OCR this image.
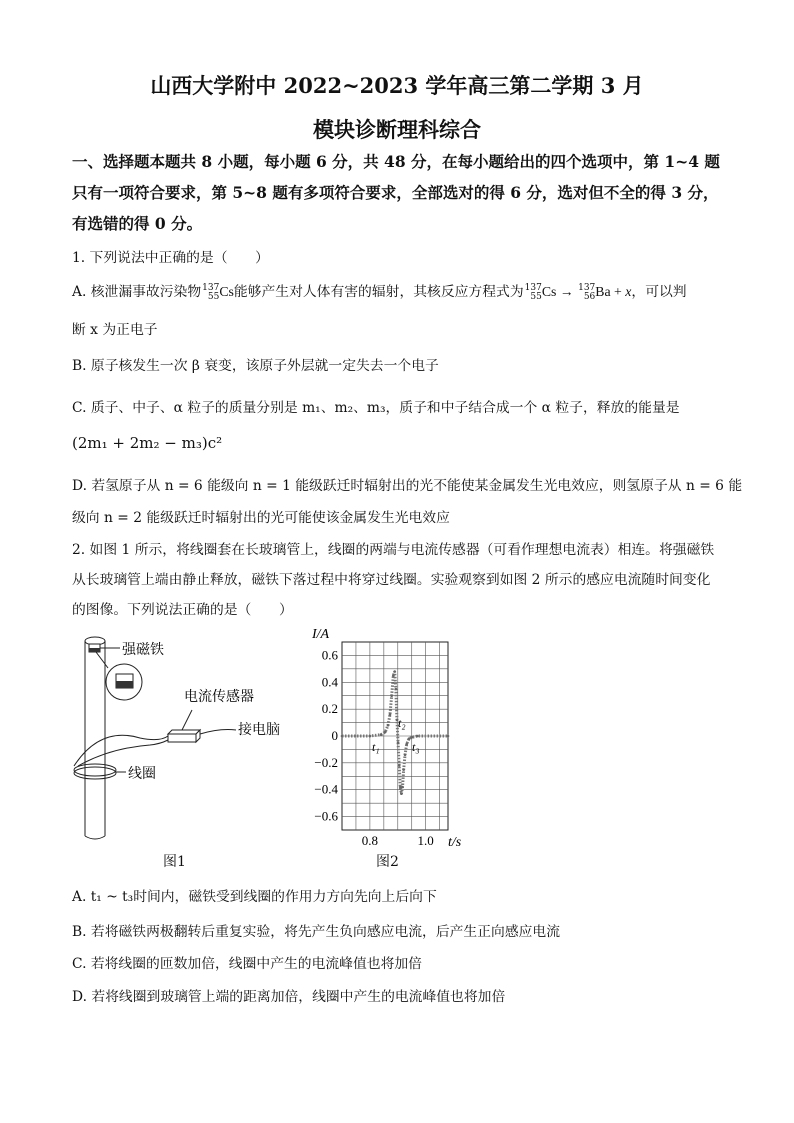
山西大学附中 2022~2023 学年高三第二学期 3 月
模块诊断理科综合
一、选择题本题共 8 小题，每小题 6 分，共 48 分，在每小题给出的四个选项中，第 1~4 题只有一项符合要求，第 5~8 题有多项符合要求，全部选对的得 6 分，选对但不全的得 3 分，有选错的得 0 分。
1. 下列说法中正确的是（　　）
A. 核泄漏事故污染物 137
55 Cs能够产生对人体有害的辐射，其核反应方程式为 137
55 Cs → 137
56 Ba + x，可以判
断 x 为正电子
B. 原子核发生一次 β 衰变，该原子外层就一定失去一个电子
C. 质子、中子、α 粒子的质量分别是 m₁、m₂、m₃，质子和中子结合成一个 α 粒子，释放的能量是
(2m₁ + 2m₂ − m₃)c²
D. 若氢原子从 n = 6 能级向 n = 1 能级跃迁时辐射出的光不能使某金属发生光电效应，则氢原子从 n = 6 能
级向 n = 2 能级跃迁时辐射出的光可能使该金属发生光电效应
2. 如图 1 所示，将线圈套在长玻璃管上，线圈的两端与电流传感器（可看作理想电流表）相连。将强磁铁
从长玻璃管上端由静止释放，磁铁下落过程中将穿过线圈。实验观察到如图 2 所示的感应电流随时间变化
的图像。下列说法正确的是（　　）
强磁铁
电流传感器
接电脑
线圈
图1
0.6
0.4
0.2
0
−0.2
−0.4
−0.6
0.8	1.0
I/A
t/s
t₁
t₂
t₃
图2
A. t₁ ~ t₃时间内，磁铁受到线圈的作用力方向先向上后向下
B. 若将磁铁两极翻转后重复实验，将先产生负向感应电流，后产生正向感应电流
C. 若将线圈的匝数加倍，线圈中产生的电流峰值也将加倍
D. 若将线圈到玻璃管上端的距离加倍，线圈中产生的电流峰值也将加倍
